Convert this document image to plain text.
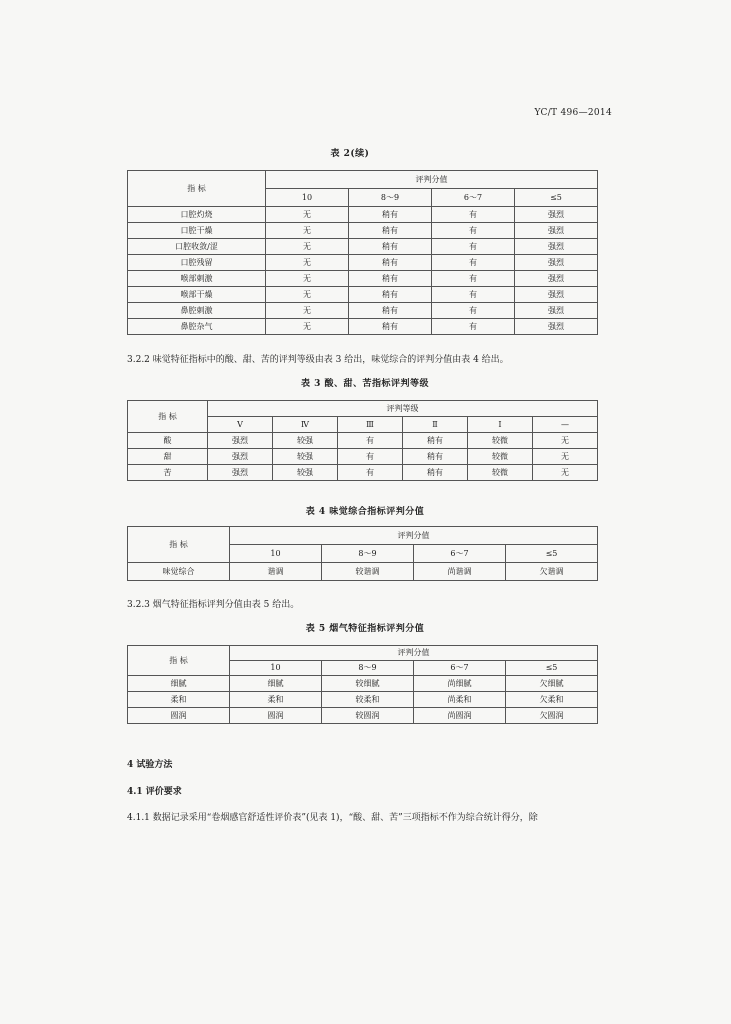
YC/T 496—2014
表 2(续)
指 标	评判分值			
	10	8～9	6～7	≤5
口腔灼烧	无	稍有	有	强烈
口腔干燥	无	稍有	有	强烈
口腔收敛/涩	无	稍有	有	强烈
口腔残留	无	稍有	有	强烈
喉部刺激	无	稍有	有	强烈
喉部干燥	无	稍有	有	强烈
鼻腔刺激	无	稍有	有	强烈
鼻腔杂气	无	稍有	有	强烈
3.2.2 味觉特征指标中的酸、甜、苦的评判等级由表 3 给出，味觉综合的评判分值由表 4 给出。
表 3 酸、甜、苦指标评判等级
指 标	评判等级					
	Ⅴ	Ⅳ	Ⅲ	Ⅱ	Ⅰ	—
酸	强烈	较强	有	稍有	较微	无
甜	强烈	较强	有	稍有	较微	无
苦	强烈	较强	有	稍有	较微	无
表 4 味觉综合指标评判分值
指 标	评判分值			
	10	8～9	6～7	≤5
味觉综合	谐调	较谐调	尚谐调	欠谐调
3.2.3 烟气特征指标评判分值由表 5 给出。
表 5 烟气特征指标评判分值
指 标	评判分值			
	10	8～9	6～7	≤5
细腻	细腻	较细腻	尚细腻	欠细腻
柔和	柔和	较柔和	尚柔和	欠柔和
圆润	圆润	较圆润	尚圆润	欠圆润
4 试验方法
4.1 评价要求
4.1.1 数据记录采用“卷烟感官舒适性评价表”(见表 1)，“酸、甜、苦”三项指标不作为综合统计得分，除
